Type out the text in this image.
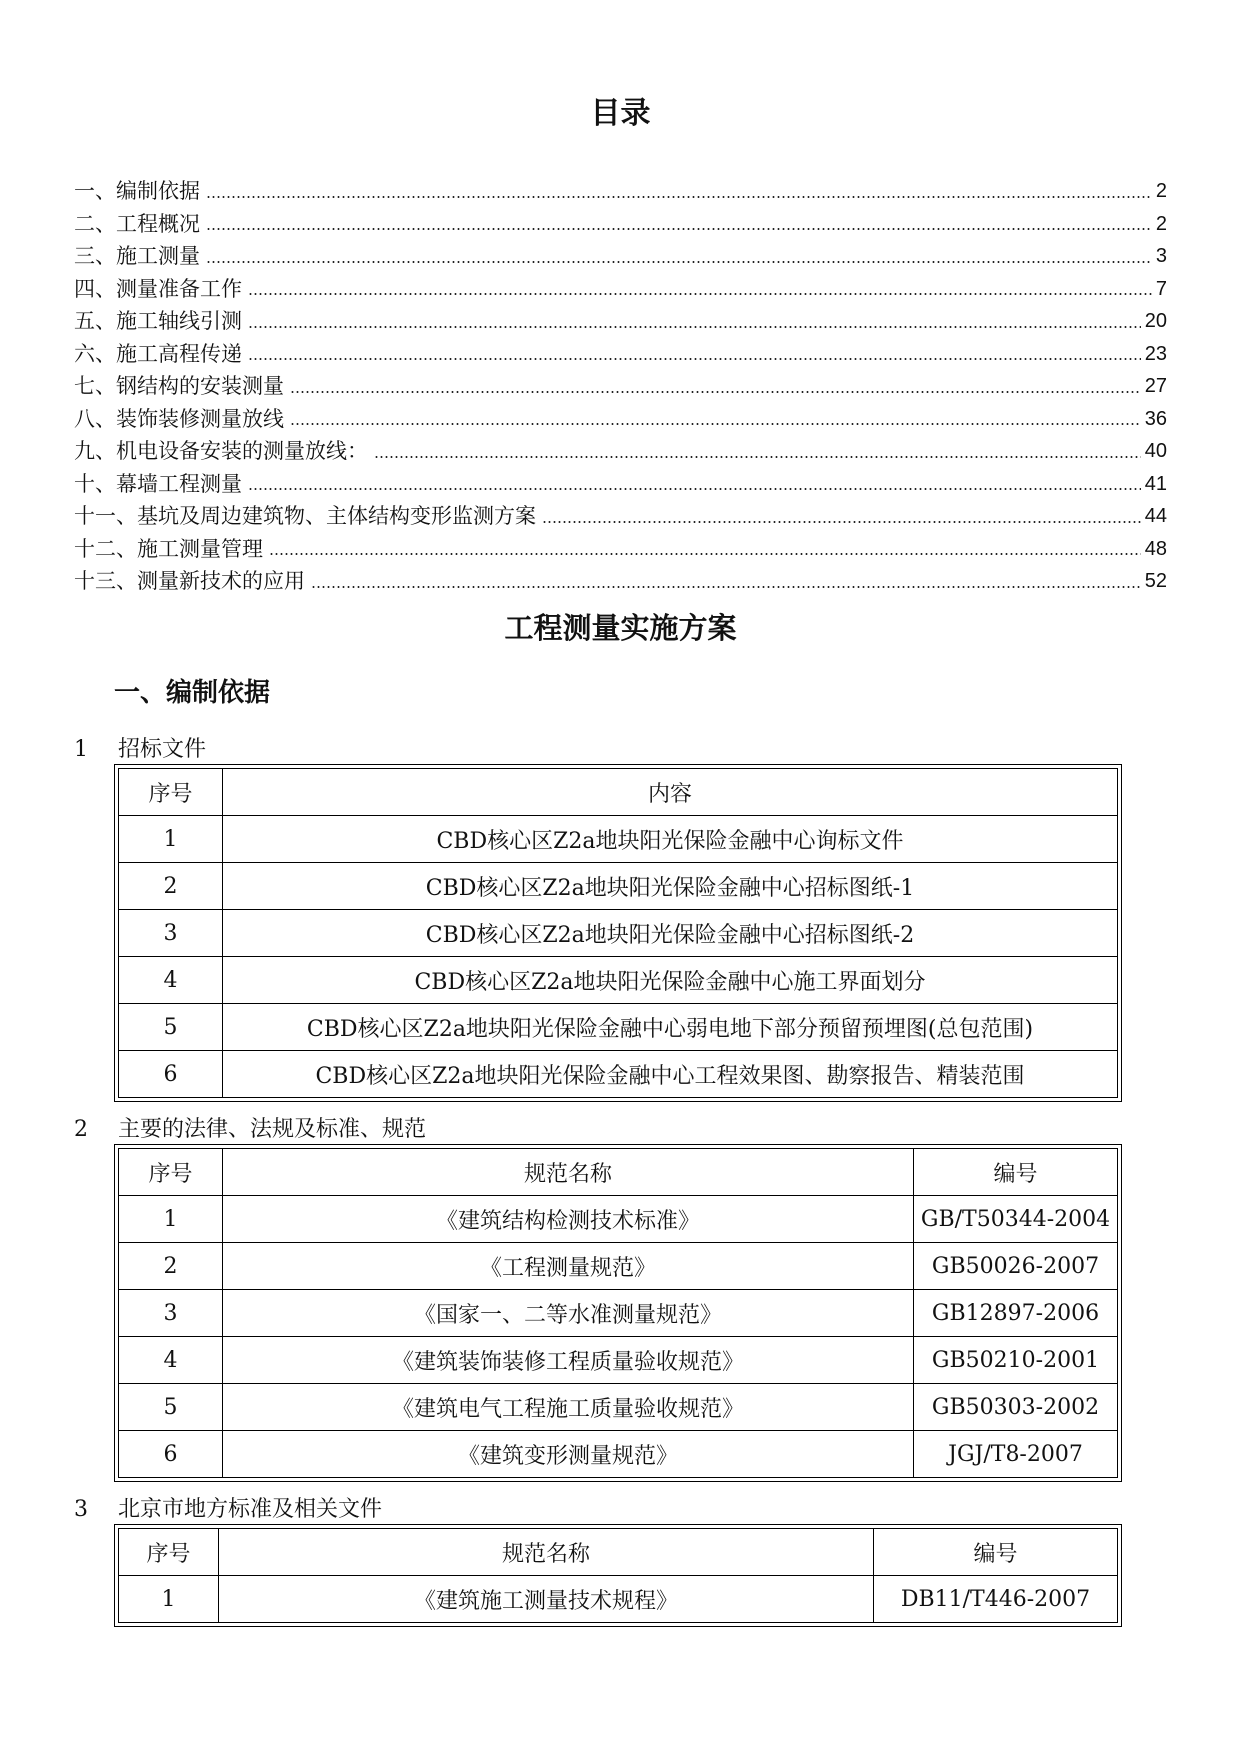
目录
一、编制依据	2
二、工程概况	2
三、施工测量	3
四、测量准备工作	7
五、施工轴线引测	20
六、施工高程传递	23
七、钢结构的安装测量	27
八、装饰装修测量放线	36
九、机电设备安装的测量放线：	40
十、幕墙工程测量	41
十一、基坑及周边建筑物、主体结构变形监测方案	44
十二、施工测量管理	48
十三、测量新技术的应用	52
工程测量实施方案
一、编制依据
1 招标文件
序号	内容
1	CBD核心区Z2a地块阳光保险金融中心询标文件
2	CBD核心区Z2a地块阳光保险金融中心招标图纸-1
3	CBD核心区Z2a地块阳光保险金融中心招标图纸-2
4	CBD核心区Z2a地块阳光保险金融中心施工界面划分
5	CBD核心区Z2a地块阳光保险金融中心弱电地下部分预留预埋图(总包范围)
6	CBD核心区Z2a地块阳光保险金融中心工程效果图、勘察报告、精装范围
2 主要的法律、法规及标准、规范
序号	规范名称	编号
1	《建筑结构检测技术标准》	GB/T50344-2004
2	《工程测量规范》	GB50026-2007
3	《国家一、二等水准测量规范》	GB12897-2006
4	《建筑装饰装修工程质量验收规范》	GB50210-2001
5	《建筑电气工程施工质量验收规范》	GB50303-2002
6	《建筑变形测量规范》	JGJ/T8-2007
3 北京市地方标准及相关文件
序号	规范名称	编号
1	《建筑施工测量技术规程》	DB11/T446-2007
